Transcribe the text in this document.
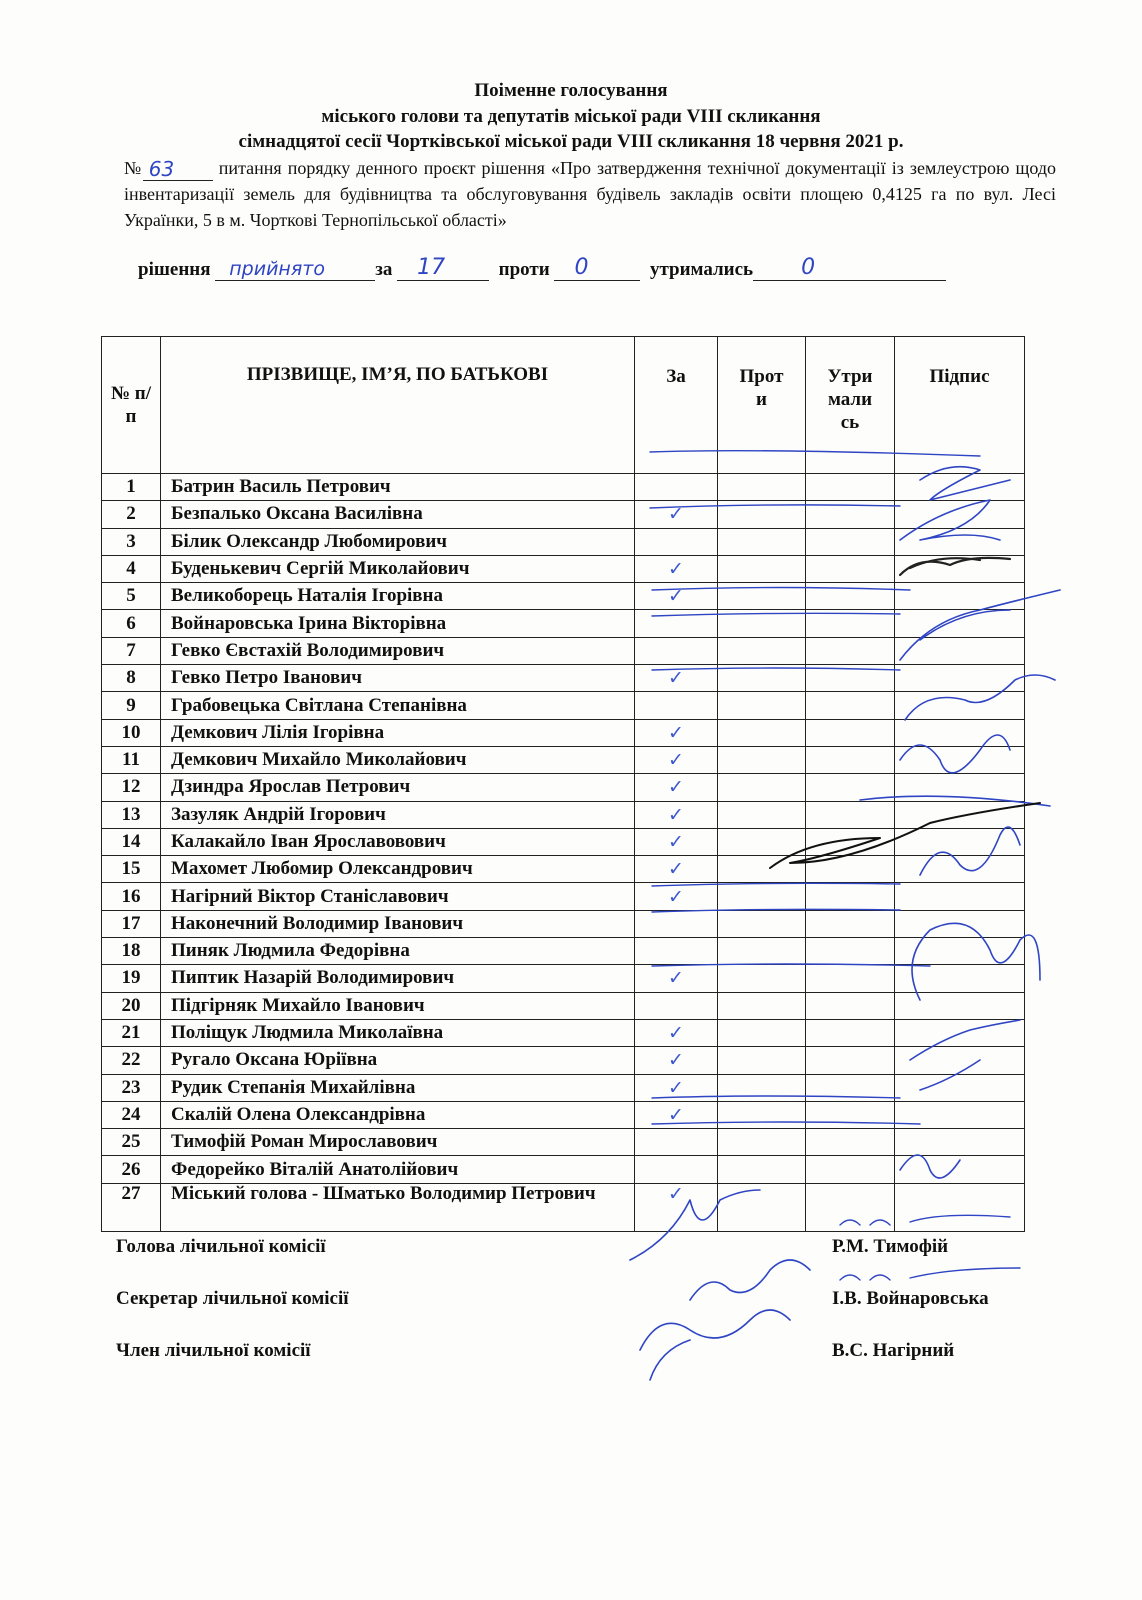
Поіменне голосування
міського голови та депутатів міської ради VIII скликання
сімнадцятої сесії Чортківської міської ради VIII скликання 18 червня 2021 р.
№ 63 питання порядку денного проєкт рішення «Про затвердження технічної документації із землеустрою щодо інвентаризації земель для будівництва та обслуговування будівель закладів освіти площею 0,4125 га по вул. Лесі Українки, 5 в м. Чорткові Тернопільської області»
рішення прийнято	за 17	проти 0	утримались 0
№ п/п	ПРІЗВИЩЕ, ІМ’Я, ПО БАТЬКОВІ	За	Проти	Утримались	Підпис
1	Батрин Василь Петрович				
2	Безпалько Оксана Василівна	✓			
3	Білик Олександр Любомирович				
4	Буденькевич Сергій Миколайович	✓			
5	Великоборець Наталія Ігорівна	✓			
6	Войнаровська Ірина Вікторівна				
7	Гевко Євстахій Володимирович				
8	Гевко Петро Іванович	✓			
9	Грабовецька Світлана Степанівна				
10	Демкович Лілія Ігорівна	✓			
11	Демкович Михайло Миколайович	✓			
12	Дзиндра Ярослав Петрович	✓			
13	Зазуляк Андрій Ігорович	✓			
14	Калакайло Іван Ярославовович	✓			
15	Махомет Любомир Олександрович	✓			
16	Нагірний Віктор Станіславович	✓			
17	Наконечний Володимир Іванович				
18	Пиняк Людмила Федорівна				
19	Пиптик Назарій Володимирович	✓			
20	Підгірняк Михайло Іванович				
21	Поліщук Людмила Миколаївна	✓			
22	Ругало Оксана Юріївна	✓			
23	Рудик Степанія Михайлівна	✓			
24	Скалій Олена Олександрівна	✓			
25	Тимофій Роман Мирославович				
26	Федорейко Віталій Анатолійович				
27	Міський голова - Шматько Володимир Петрович	✓			
Голова лічильної комісії	Р.М. Тимофій
Секретар лічильної комісії	І.В. Войнаровська
Член лічильної комісії	В.С. Нагірний
